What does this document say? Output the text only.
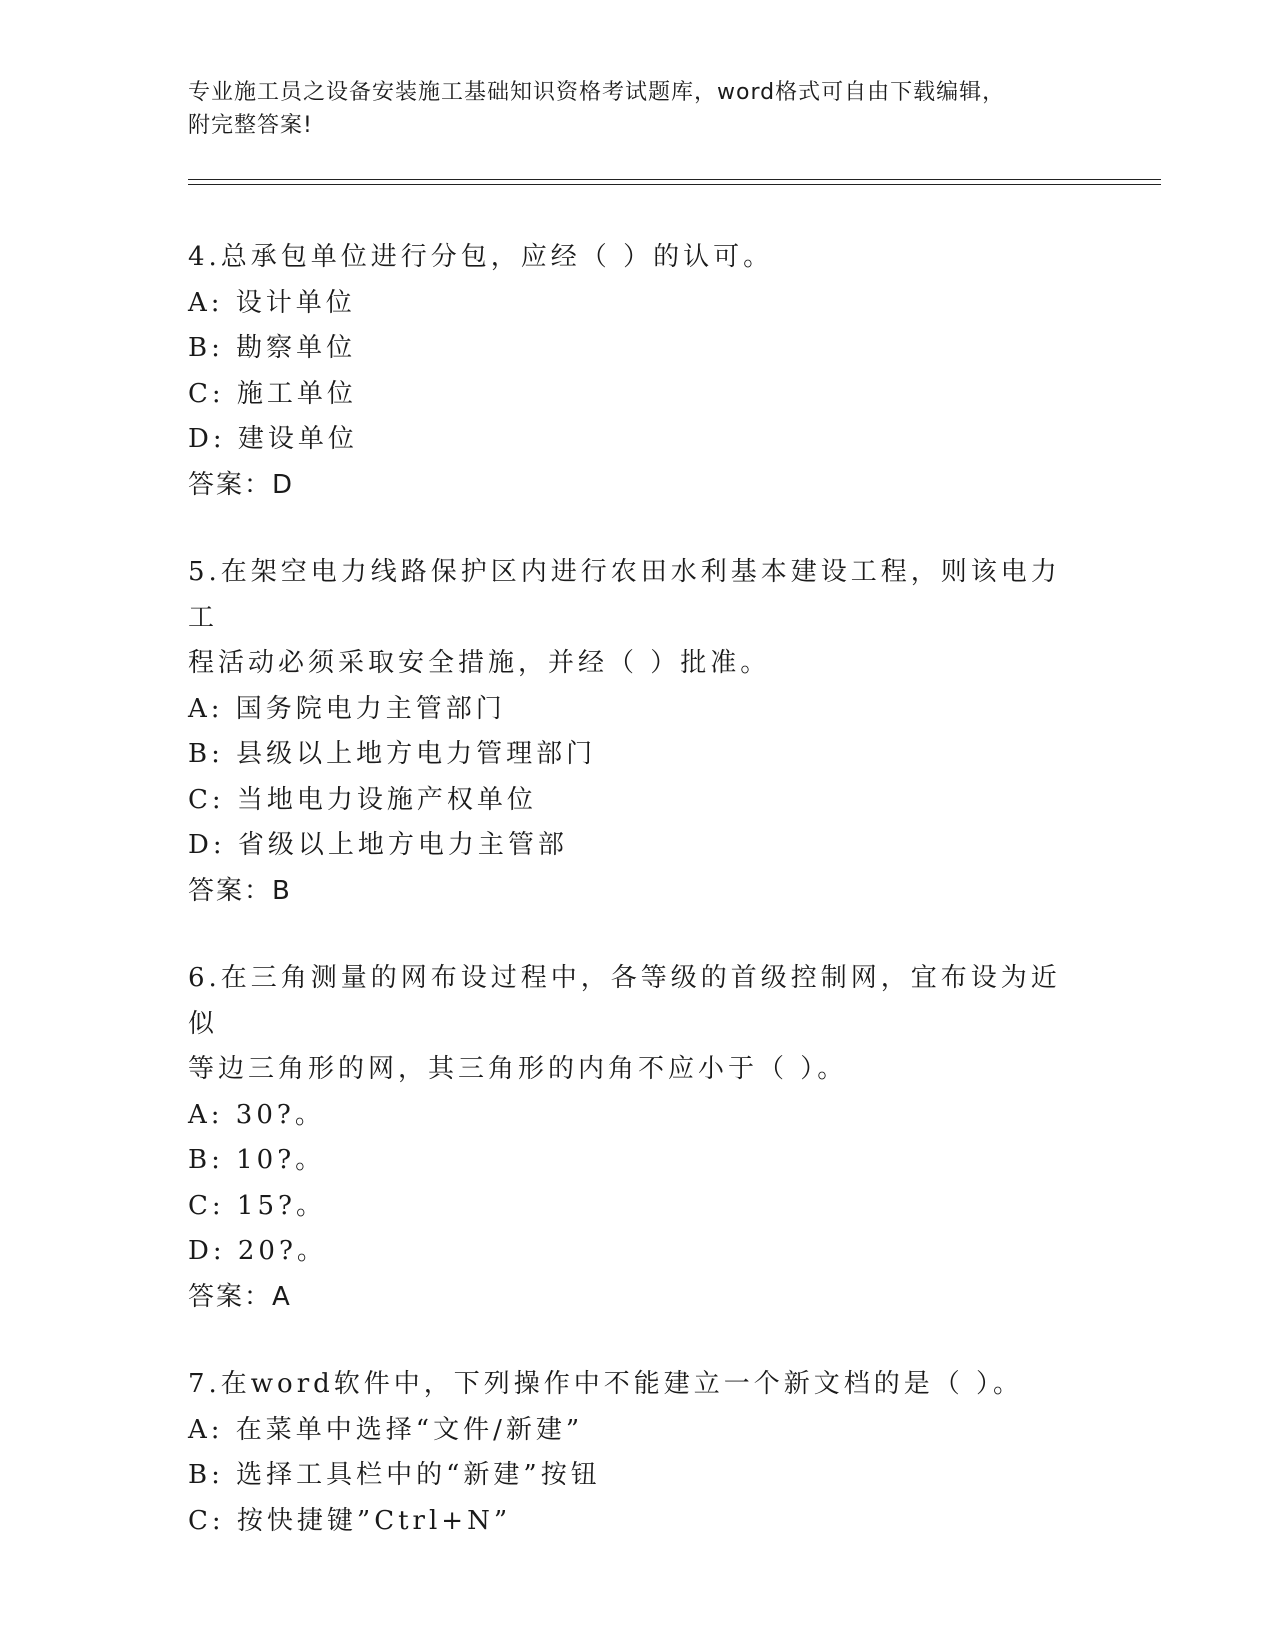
专业施工员之设备安装施工基础知识资格考试题库，word格式可自由下载编辑，
附完整答案!

4.总承包单位进行分包，应经（ ）的认可。

A: 设计单位

B: 勘察单位

C: 施工单位

D: 建设单位

答案：D

5.在架空电力线路保护区内进行农田水利基本建设工程，则该电力工

程活动必须采取安全措施，并经（ ）批准。

A: 国务院电力主管部门

B: 县级以上地方电力管理部门

C: 当地电力设施产权单位

D: 省级以上地方电力主管部

答案：B

6.在三角测量的网布设过程中，各等级的首级控制网，宜布设为近似

等边三角形的网，其三角形的内角不应小于（ ）。

A: 30?。

B: 10?。

C: 15?。

D: 20?。

答案：A

7.在word软件中，下列操作中不能建立一个新文档的是（ ）。

A: 在菜单中选择“文件/新建”

B: 选择工具栏中的“新建”按钮

C: 按快捷键”Ctrl+N”
